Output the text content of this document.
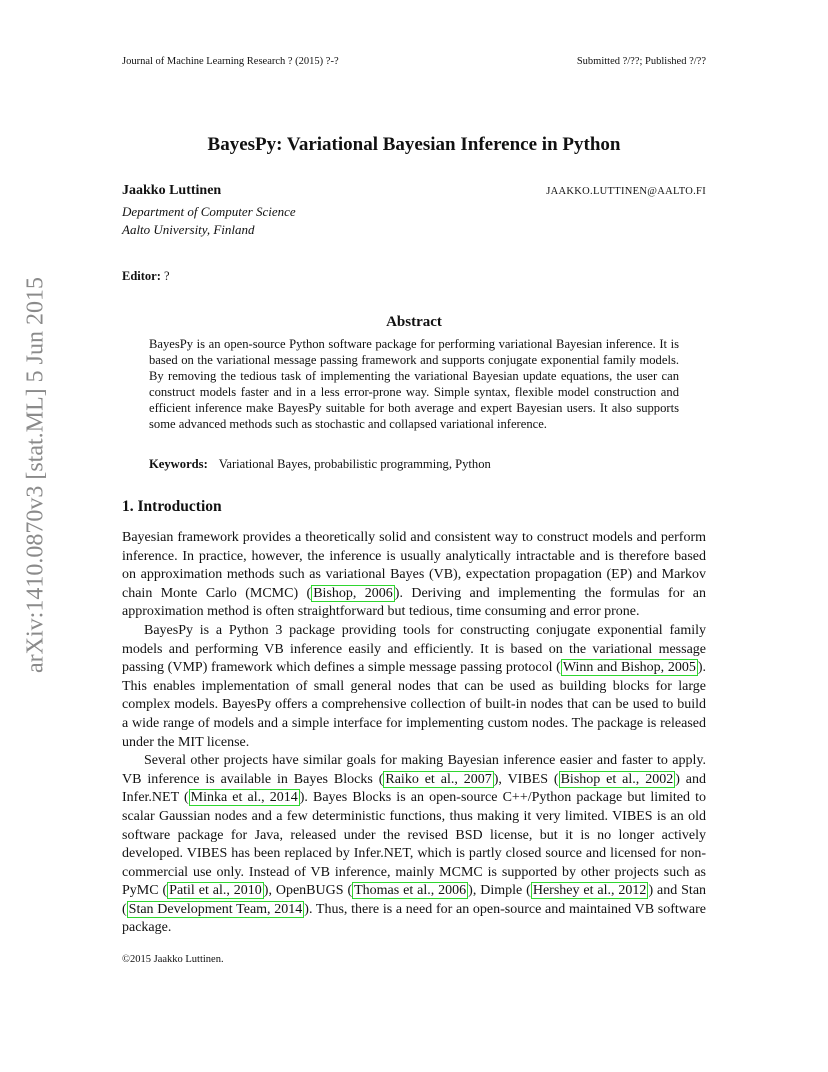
Journal of Machine Learning Research ? (2015) ?-?	Submitted ?/??; Published ?/??
arXiv:1410.0870v3 [stat.ML] 5 Jun 2015
BayesPy: Variational Bayesian Inference in Python
Jaakko Luttinen	JAAKKO.LUTTINEN@AALTO.FI
Department of Computer Science
Aalto University, Finland
Editor: ?
Abstract
BayesPy is an open-source Python software package for performing variational Bayesian inference. It is based on the variational message passing framework and supports conjugate exponential family models. By removing the tedious task of implementing the variational Bayesian update equations, the user can construct models faster and in a less error-prone way. Simple syntax, flexible model construction and efficient inference make BayesPy suitable for both average and expert Bayesian users. It also supports some advanced methods such as stochastic and collapsed variational inference.
Keywords: Variational Bayes, probabilistic programming, Python
1. Introduction

Bayesian framework provides a theoretically solid and consistent way to construct models and perform inference. In practice, however, the inference is usually analytically intractable and is therefore based on approximation methods such as variational Bayes (VB), expectation propagation (EP) and Markov chain Monte Carlo (MCMC) ( Bishop, 2006 ). Deriving and implementing the formulas for an approximation method is often straightforward but tedious, time consuming and error prone.

BayesPy is a Python 3 package providing tools for constructing conjugate exponential family models and performing VB inference easily and efficiently. It is based on the variational message passing (VMP) framework which defines a simple message passing protocol ( Winn and Bishop, 2005 ). This enables implementation of small general nodes that can be used as building blocks for large complex models. BayesPy offers a comprehensive collection of built-in nodes that can be used to build a wide range of models and a simple interface for implementing custom nodes. The package is released under the MIT license.

Several other projects have similar goals for making Bayesian inference easier and faster to apply. VB inference is available in Bayes Blocks ( Raiko et al., 2007 ), VIBES ( Bishop et al., 2002 ) and Infer.NET ( Minka et al., 2014 ). Bayes Blocks is an open-source C++/Python package but limited to scalar Gaussian nodes and a few deterministic functions, thus making it very limited. VIBES is an old software package for Java, released under the revised BSD license, but it is no longer actively developed. VIBES has been replaced by Infer.NET, which is partly closed source and licensed for non-commercial use only. Instead of VB inference, mainly MCMC is supported by other projects such as PyMC ( Patil et al., 2010 ), OpenBUGS ( Thomas et al., 2006 ), Dimple ( Hershey et al., 2012 ) and Stan ( Stan Development Team, 2014 ). Thus, there is a need for an open-source and maintained VB software package.

©2015 Jaakko Luttinen.
